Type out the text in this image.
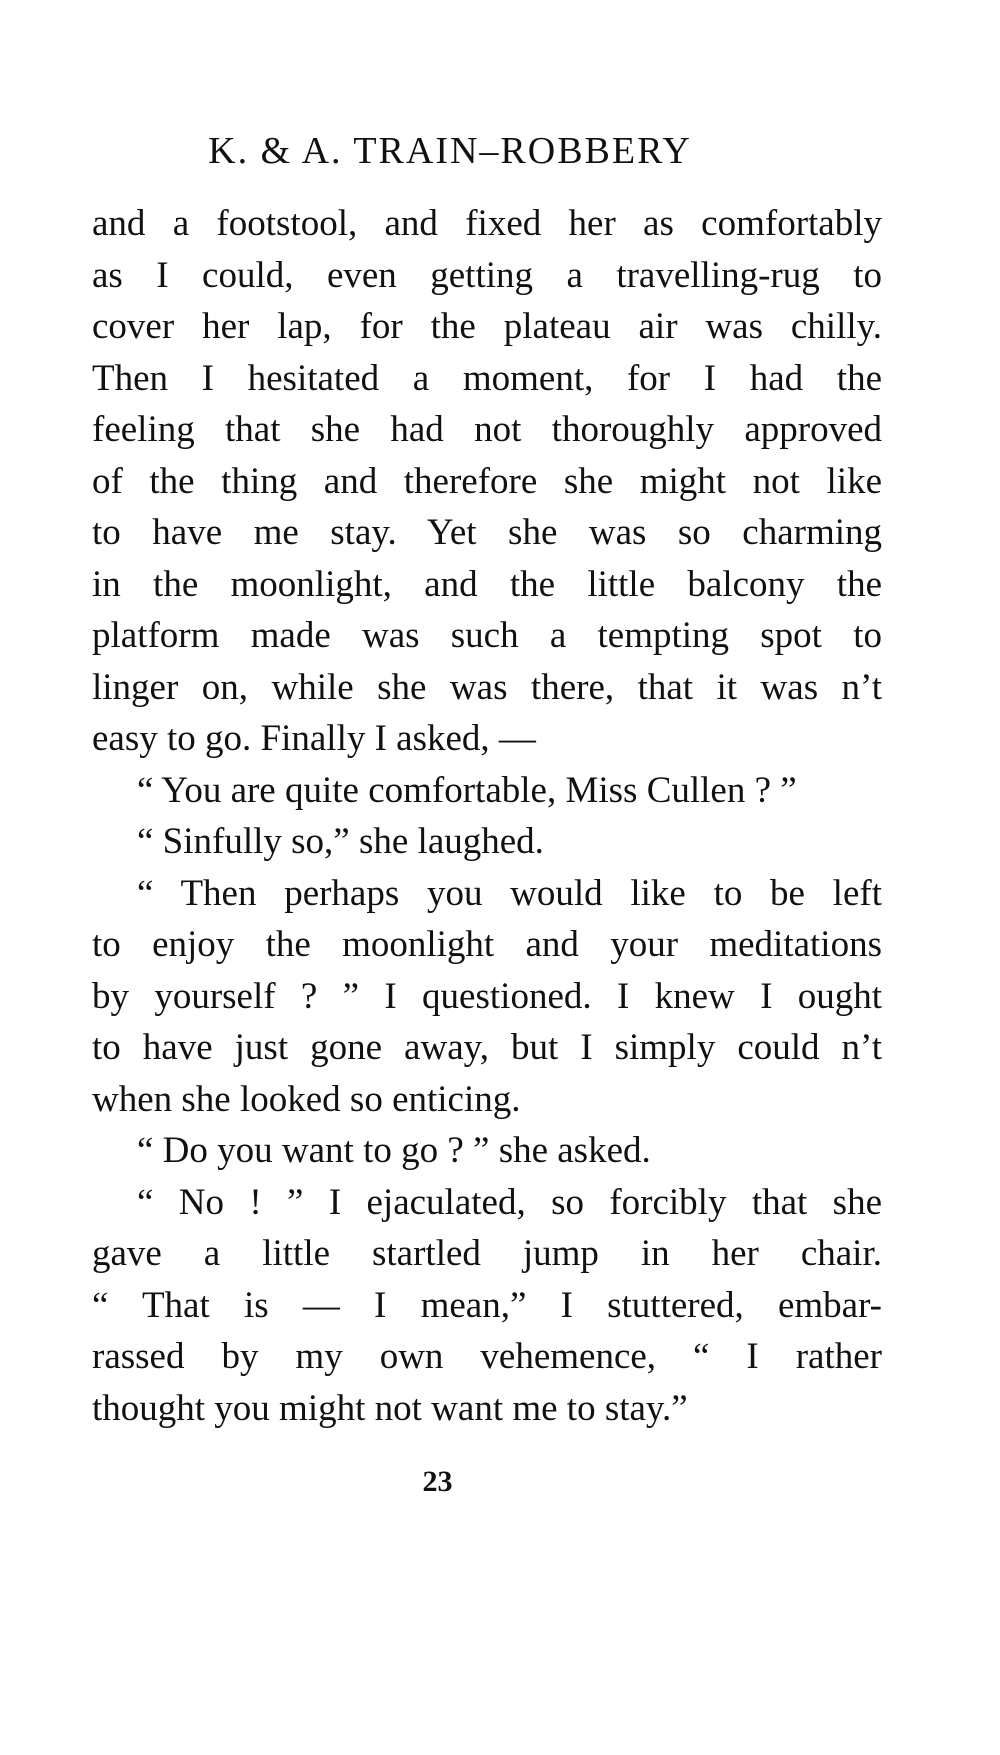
K. & A. TRAIN–ROBBERY
and a footstool, and fixed her as comfortably
as I could, even getting a travelling-rug to
cover her lap, for the plateau air was chilly.
Then I hesitated a moment, for I had the
feeling that she had not thoroughly approved
of the thing and therefore she might not like
to have me stay. Yet she was so charming
in the moonlight, and the little balcony the
platform made was such a tempting spot to
linger on, while she was there, that it was n’t
easy to go. Finally I asked, —
“ You are quite comfortable, Miss Cullen ? ”
“ Sinfully so,” she laughed.
“ Then perhaps you would like to be left
to enjoy the moonlight and your meditations
by yourself ? ” I questioned. I knew I ought
to have just gone away, but I simply could n’t
when she looked so enticing.
“ Do you want to go ? ” she asked.
“ No ! ” I ejaculated, so forcibly that she
gave a little startled jump in her chair.
“ That is — I mean,” I stuttered, embar-
rassed by my own vehemence, “ I rather
thought you might not want me to stay.”
23
